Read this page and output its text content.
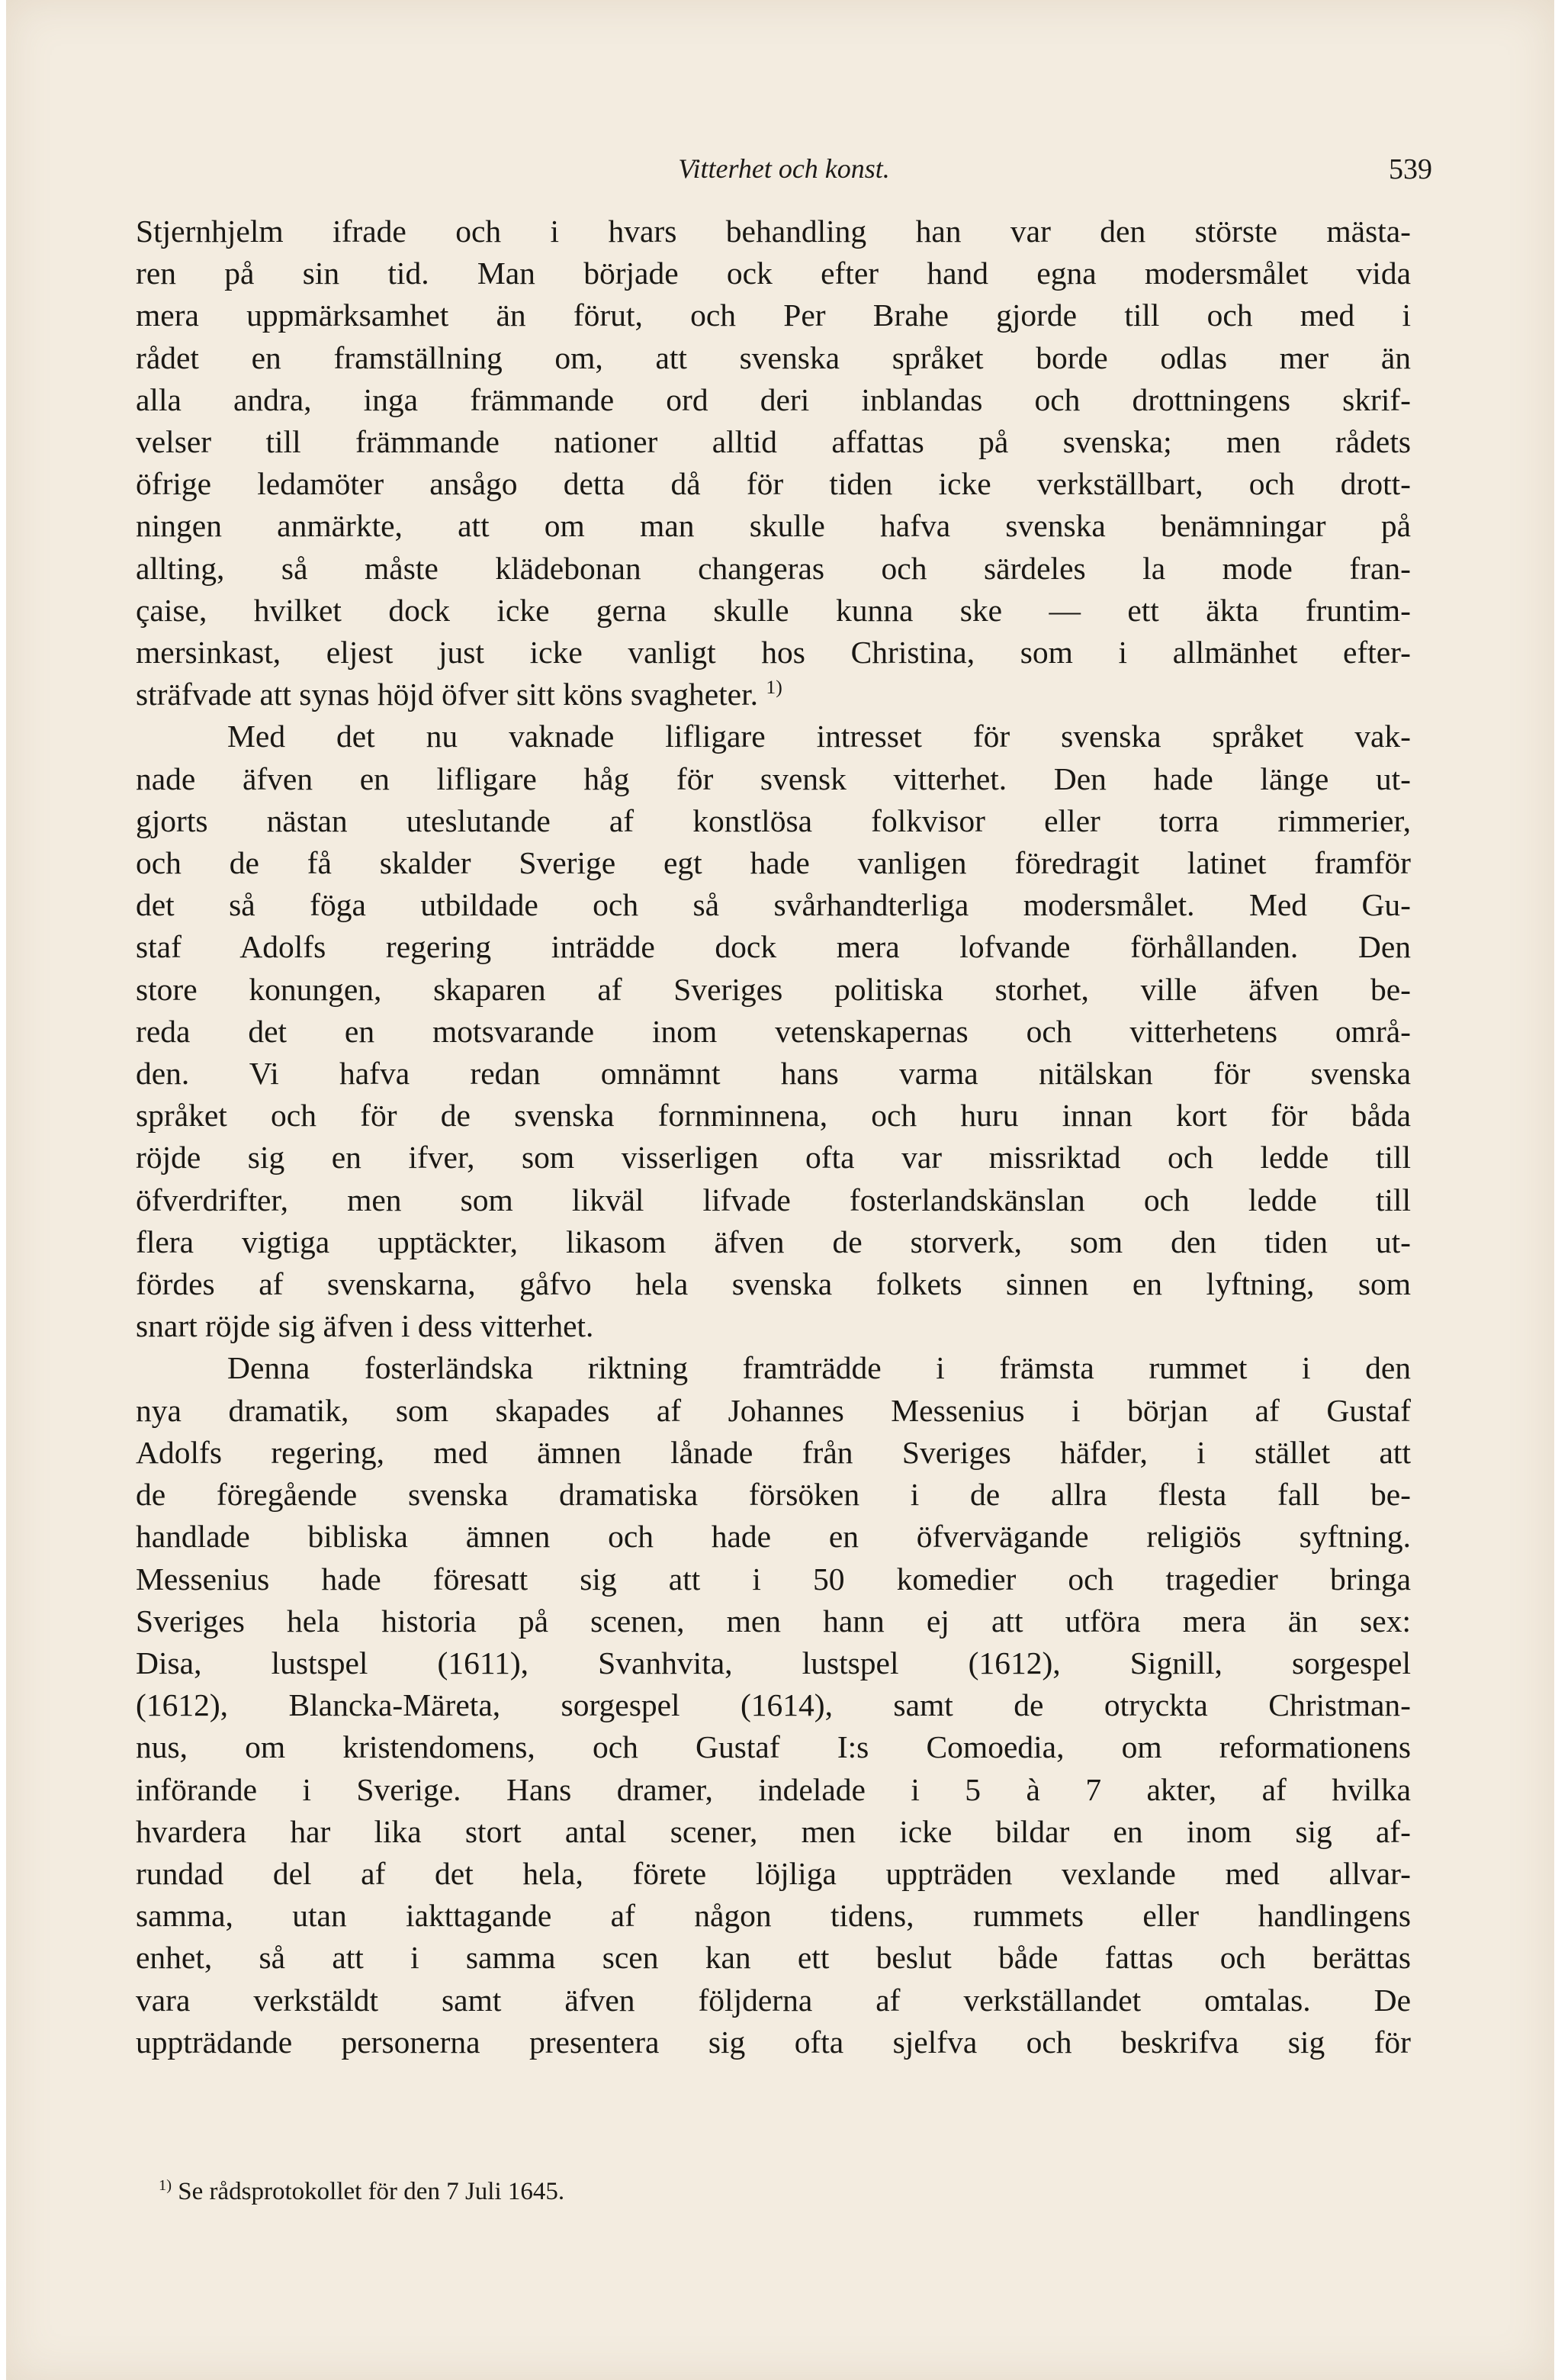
Vitterhet och konst.	539
Stjernhjelm ifrade och i hvars behandling han var den störste mästa-
ren på sin tid. Man började ock efter hand egna modersmålet vida
mera uppmärksamhet än förut, och Per Brahe gjorde till och med i
rådet en framställning om, att svenska språket borde odlas mer än
alla andra, inga främmande ord deri inblandas och drottningens skrif-
velser till främmande nationer alltid affattas på svenska; men rådets
öfrige ledamöter ansågo detta då för tiden icke verkställbart, och drott-
ningen anmärkte, att om man skulle hafva svenska benämningar på
allting, så måste klädebonan changeras och särdeles la mode fran-
çaise, hvilket dock icke gerna skulle kunna ske — ett äkta fruntim-
mersinkast, eljest just icke vanligt hos Christina, som i allmänhet efter-
sträfvade att synas höjd öfver sitt köns svagheter. $^{1)}$
Med det nu vaknade lifligare intresset för svenska språket vak-
nade äfven en lifligare håg för svensk vitterhet. Den hade länge ut-
gjorts nästan uteslutande af konstlösa folkvisor eller torra rimmerier,
och de få skalder Sverige egt hade vanligen föredragit latinet framför
det så föga utbildade och så svårhandterliga modersmålet. Med Gu-
staf Adolfs regering inträdde dock mera lofvande förhållanden. Den
store konungen, skaparen af Sveriges politiska storhet, ville äfven be-
reda det en motsvarande inom vetenskapernas och vitterhetens områ-
den. Vi hafva redan omnämnt hans varma nitälskan för svenska
språket och för de svenska fornminnena, och huru innan kort för båda
röjde sig en ifver, som visserligen ofta var missriktad och ledde till
öfverdrifter, men som likväl lifvade fosterlandskänslan och ledde till
flera vigtiga upptäckter, likasom äfven de storverk, som den tiden ut-
fördes af svenskarna, gåfvo hela svenska folkets sinnen en lyftning, som
snart röjde sig äfven i dess vitterhet.
Denna fosterländska riktning framträdde i främsta rummet i den
nya dramatik, som skapades af Johannes Messenius i början af Gustaf
Adolfs regering, med ämnen lånade från Sveriges häfder, i stället att
de föregående svenska dramatiska försöken i de allra flesta fall be-
handlade bibliska ämnen och hade en öfvervägande religiös syftning.
Messenius hade föresatt sig att i 50 komedier och tragedier bringa
Sveriges hela historia på scenen, men hann ej att utföra mera än sex:
Disa, lustspel (1611), Svanhvita, lustspel (1612), Signill, sorgespel
(1612), Blancka-Märeta, sorgespel (1614), samt de otryckta Christman-
nus, om kristendomens, och Gustaf I:s Comoedia, om reformationens
införande i Sverige. Hans dramer, indelade i 5 à 7 akter, af hvilka
hvardera har lika stort antal scener, men icke bildar en inom sig af-
rundad del af det hela, förete löjliga uppträden vexlande med allvar-
samma, utan iakttagande af någon tidens, rummets eller handlingens
enhet, så att i samma scen kan ett beslut både fattas och berättas
vara verkstäldt samt äfven följderna af verkställandet omtalas. De
uppträdande personerna presentera sig ofta sjelfva och beskrifva sig för
$^{1)}$ Se rådsprotokollet för den 7 Juli 1645.
